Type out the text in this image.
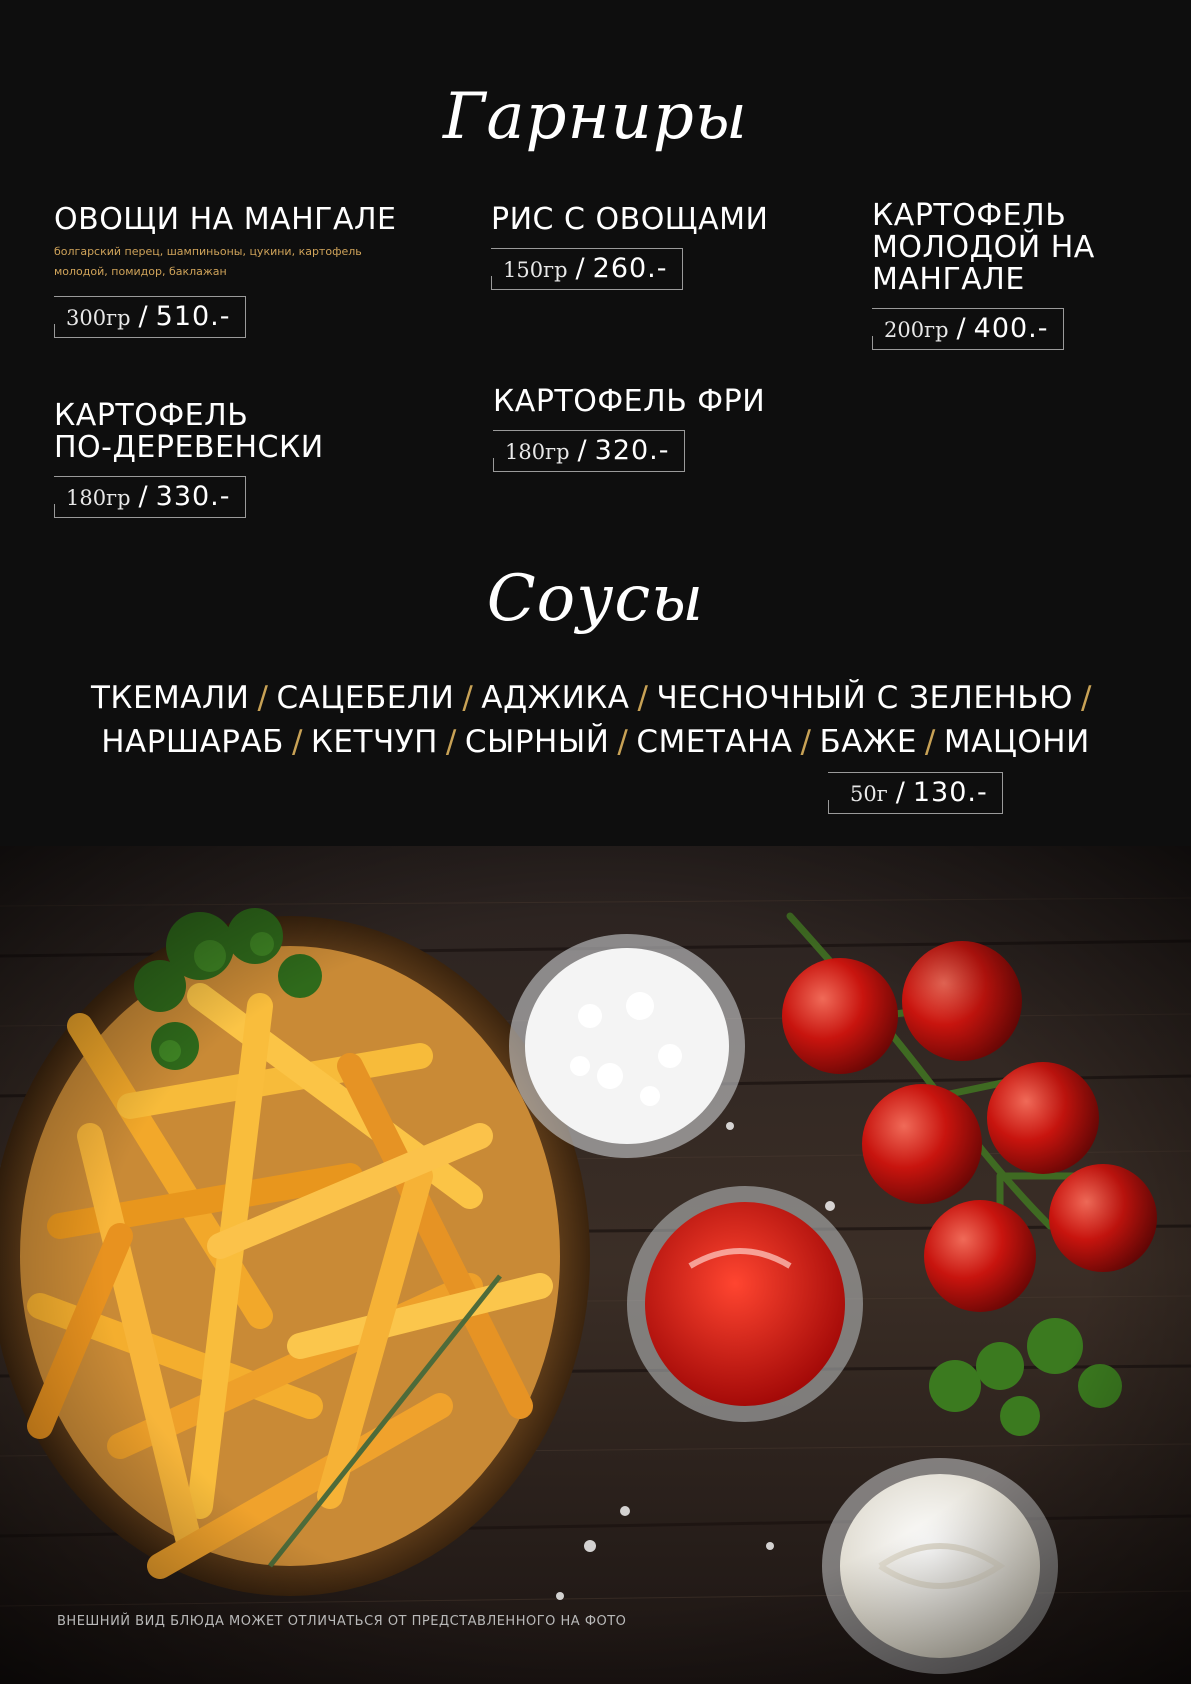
Гарниры
ОВОЩИ НА МАНГАЛЕ
болгарский перец, шампиньоны, цукини, картофель молодой, помидор, баклажан
300гр / 510.-
РИС С ОВОЩАМИ
150гр / 260.-
КАРТОФЕЛЬ
МОЛОДОЙ НА
МАНГАЛЕ
200гр / 400.-
КАРТОФЕЛЬ
ПО-ДЕРЕВЕНСКИ
180гр / 330.-
КАРТОФЕЛЬ ФРИ
180гр / 320.-
Соусы
ТКЕМАЛИ / САЦЕБЕЛИ / АДЖИКА / ЧЕСНОЧНЫЙ С ЗЕЛЕНЬЮ /
НАРШАРАБ / КЕТЧУП / СЫРНЫЙ / СМЕТАНА / БАЖЕ / МАЦОНИ
50г / 130.-
ВНЕШНИЙ ВИД БЛЮДА МОЖЕТ ОТЛИЧАТЬСЯ ОТ ПРЕДСТАВЛЕННОГО НА ФОТО
